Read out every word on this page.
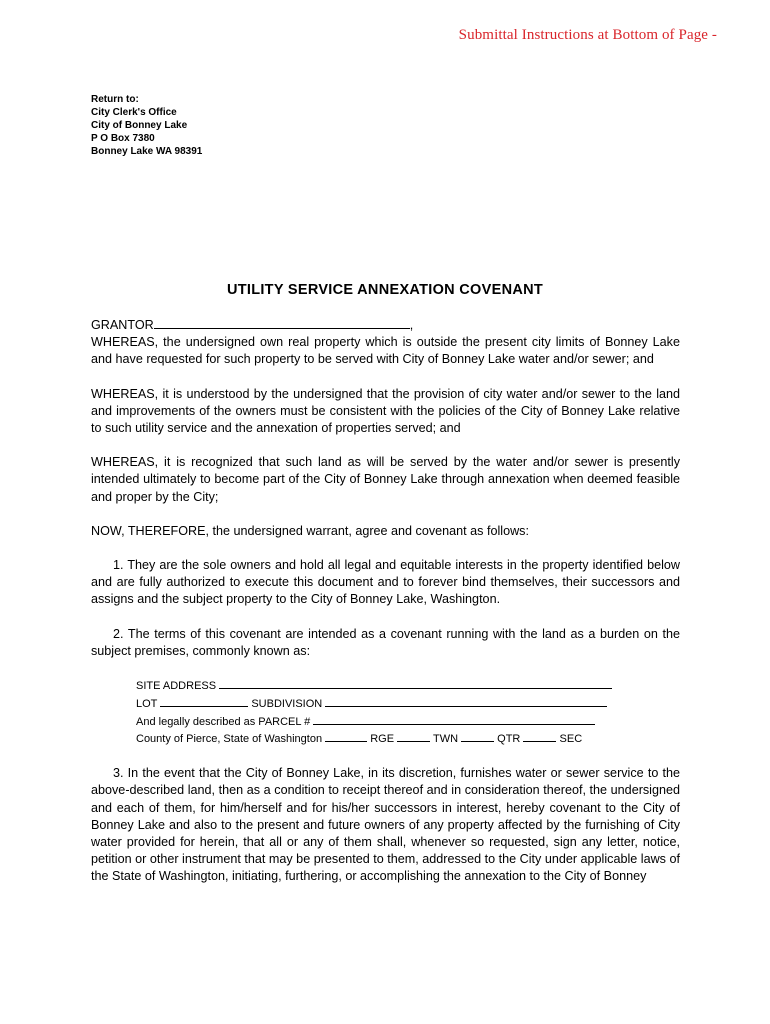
Submittal Instructions at Bottom of Page -
Return to:
City Clerk's Office
City of Bonney Lake
P O Box 7380
Bonney Lake WA 98391
UTILITY SERVICE ANNEXATION COVENANT
GRANTOR	,

WHEREAS, the undersigned own real property which is outside the present city limits of Bonney Lake and have requested for such property to be served with City of Bonney Lake water and/or sewer; and

WHEREAS, it is understood by the undersigned that the provision of city water and/or sewer to the land and improvements of the owners must be consistent with the policies of the City of Bonney Lake relative to such utility service and the annexation of properties served; and

WHEREAS, it is recognized that such land as will be served by the water and/or sewer is presently intended ultimately to become part of the City of Bonney Lake through annexation when deemed feasible and proper by the City;

NOW, THEREFORE, the undersigned warrant, agree and covenant as follows:

1. They are the sole owners and hold all legal and equitable interests in the property identified below and are fully authorized to execute this document and to forever bind themselves, their successors and assigns and the subject property to the City of Bonney Lake, Washington.

2. The terms of this covenant are intended as a covenant running with the land as a burden on the subject premises, commonly known as:

SITE ADDRESS
LOT	SUBDIVISION
And legally described as PARCEL #
County of Pierce, State of Washington	RGE	TWN	QTR	SEC

3. In the event that the City of Bonney Lake, in its discretion, furnishes water or sewer service to the above-described land, then as a condition to receipt thereof and in consideration thereof, the undersigned and each of them, for him/herself and for his/her successors in interest, hereby covenant to the City of Bonney Lake and also to the present and future owners of any property affected by the furnishing of City water provided for herein, that all or any of them shall, whenever so requested, sign any letter, notice, petition or other instrument that may be presented to them, addressed to the City under applicable laws of the State of Washington, initiating, furthering, or accomplishing the annexation to the City of Bonney
